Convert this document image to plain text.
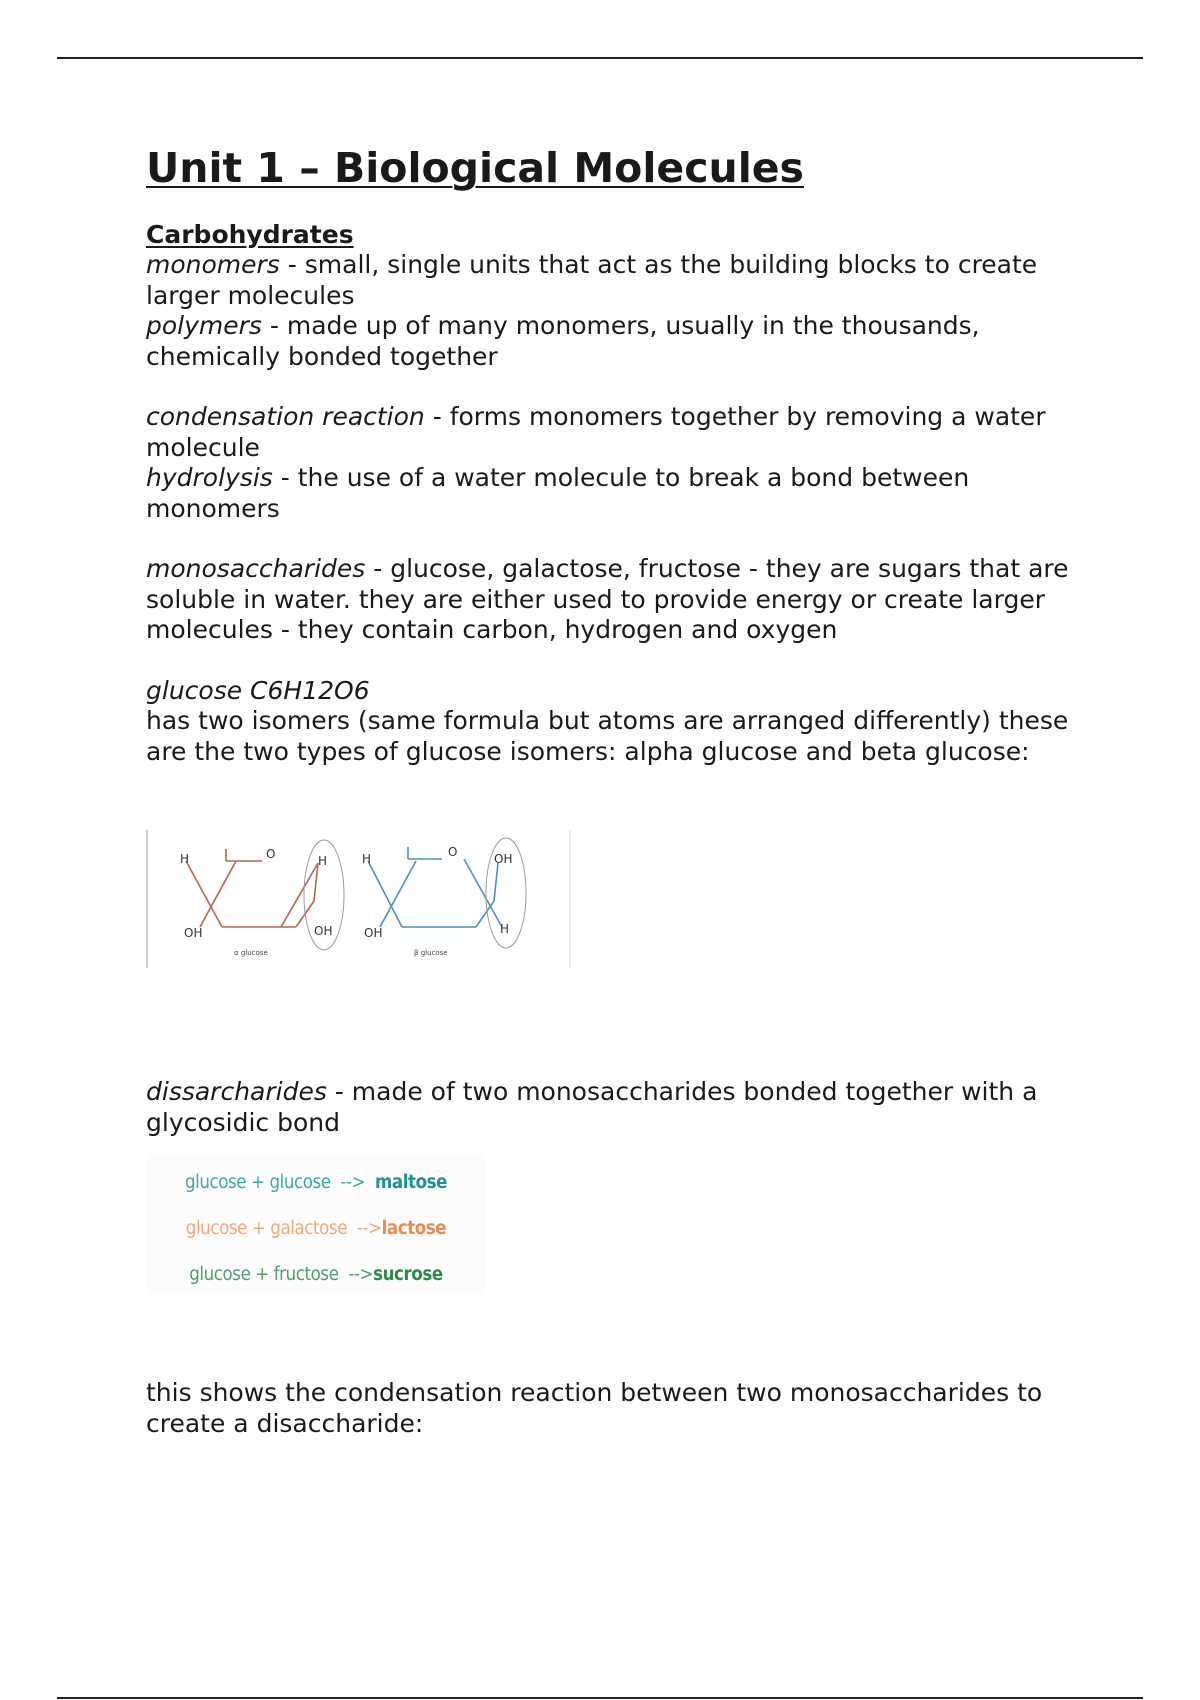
Unit 1 – Biological Molecules
Carbohydrates

monomers - small, single units that act as the building blocks to create larger molecules

polymers - made up of many monomers, usually in the thousands, chemically bonded together

condensation reaction - forms monomers together by removing a water molecule

hydrolysis - the use of a water molecule to break a bond between monomers

monosaccharides - glucose, galactose, fructose - they are sugars that are soluble in water. they are either used to provide energy or create larger molecules - they contain carbon, hydrogen and oxygen

glucose C6H12O6

has two isomers (same formula but atoms are arranged differently) these are the two types of glucose isomers: alpha glucose and beta glucose:

H	O	H
OH	OH
α glucose
H	O	OH
OH	H
β glucose

dissarcharides - made of two monosaccharides bonded together with a glycosidic bond

glucose + glucose --> maltose
glucose + galactose -->lactose
glucose + fructose -->sucrose

this shows the condensation reaction between two monosaccharides to create a disaccharide:
